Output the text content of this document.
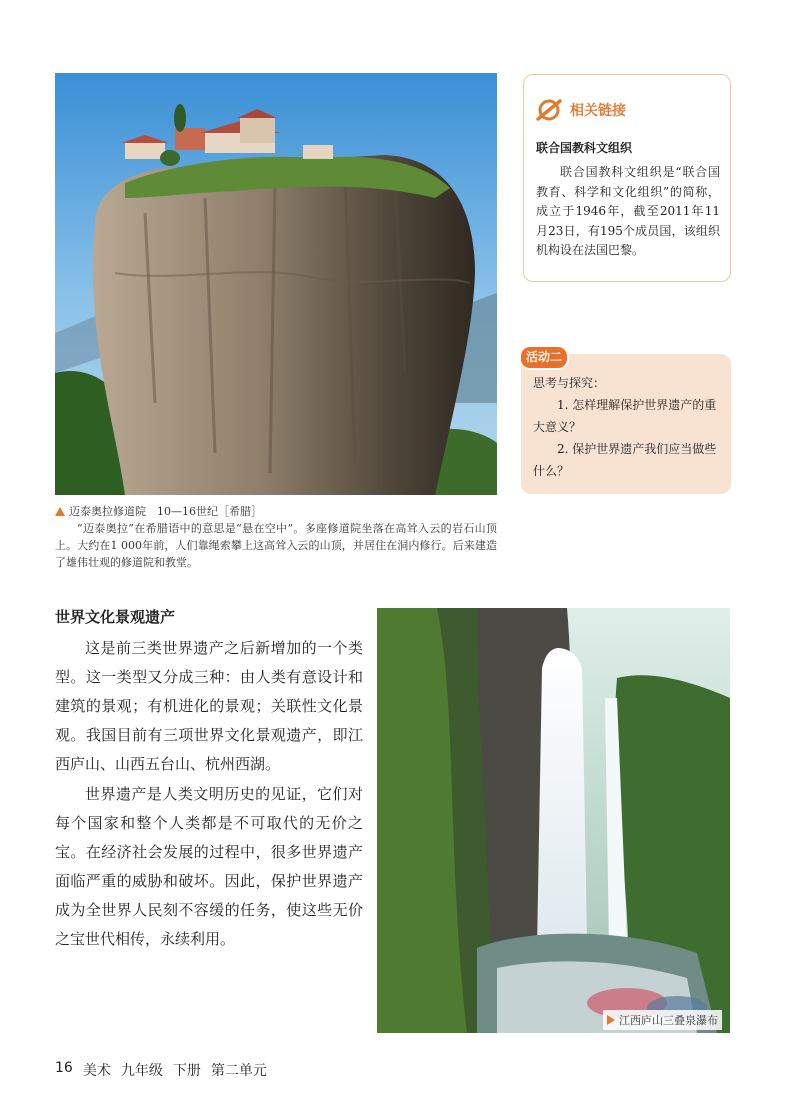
相关链接
联合国教科文组织
联合国教科文组织是“联合国教育、科学和文化组织”的简称，成立于1946年，截至2011年11月23日，有195个成员国，该组织机构设在法国巴黎。
活动二
思考与探究：
1. 怎样理解保护世界遗产的重大意义？
2. 保护世界遗产我们应当做些什么？
迈泰奥拉修道院　10—16世纪［希腊］
“迈泰奥拉”在希腊语中的意思是“悬在空中”。多座修道院坐落在高耸入云的岩石山顶上。大约在1 000年前，人们靠绳索攀上这高耸入云的山顶，并居住在洞内修行。后来建造了雄伟壮观的修道院和教堂。
世界文化景观遗产
这是前三类世界遗产之后新增加的一个类型。这一类型又分成三种：由人类有意设计和建筑的景观；有机进化的景观；关联性文化景观。我国目前有三项世界文化景观遗产，即江西庐山、山西五台山、杭州西湖。
世界遗产是人类文明历史的见证，它们对每个国家和整个人类都是不可取代的无价之宝。在经济社会发展的过程中，很多世界遗产面临严重的威胁和破坏。因此，保护世界遗产成为全世界人民刻不容缓的任务，使这些无价之宝世代相传，永续利用。
江西庐山三叠泉瀑布
16 美术 九年级 下册 第二单元
